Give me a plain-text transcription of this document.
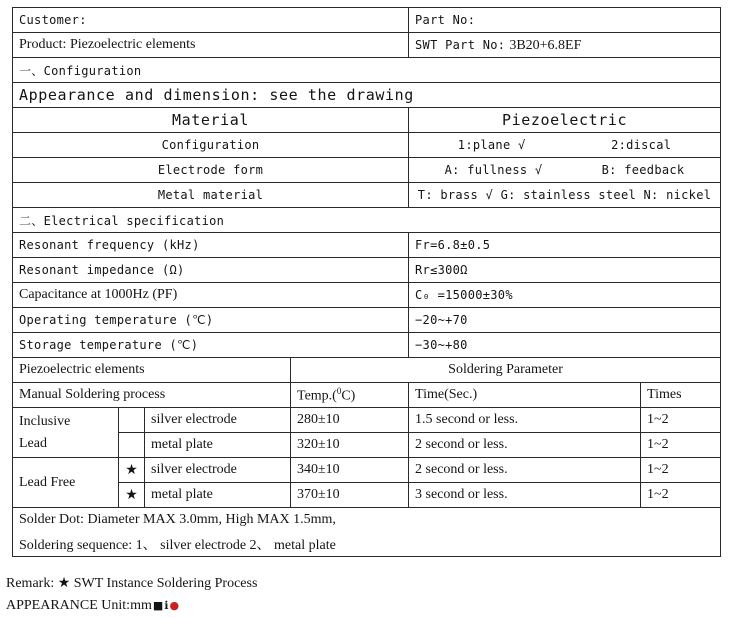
Customer:				Part No:	
Product: Piezoelectric elements				SWT Part No: 3B20+6.8EF	
一、Configuration					
Appearance and dimension: see the drawing					
Material				Piezoelectric	
Configuration				1:plane √ 2:discal	

Electrode form				A: fullness √ B: feedback	

Metal material				T: brass √ G: stainless steel N: nickel	
二、Electrical specification					
Resonant frequency (kHz)				Fr=6.8±0.5	
Resonant impedance (Ω)				Rr≤300Ω	
Capacitance at 1000Hz (PF)				C₀ =15000±30%	
Operating temperature (℃)				−20~+70	
Storage temperature (℃)				−30~+80	
Piezoelectric elements			Soldering Parameter		
Manual Soldering process			Temp.($^0$C)	Time(Sec.)	Times

Inclusive
Lead		silver electrode	280±10	1.5 second or less.	1~2
		metal plate	320±10	2 second or less.	1~2
Lead Free	★	silver electrode	340±10	2 second or less.	1~2
	★	metal plate	370±10	3 second or less.	1~2
Solder Dot: Diameter MAX 3.0mm, High MAX 1.5mm,					
Soldering sequence: 1、 silver electrode 2、 metal plate					
Remark: ★ SWT Instance Soldering Process
APPEARANCE Unit:mm■ℹ●
